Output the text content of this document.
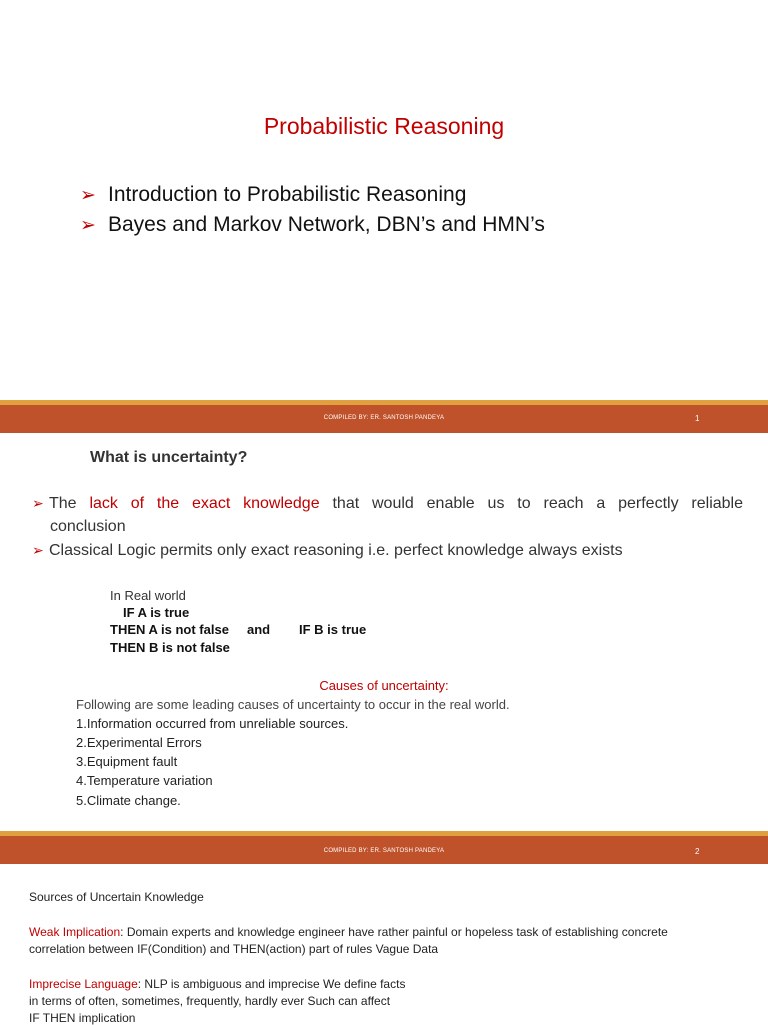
Probabilistic Reasoning
➢ Introduction to Probabilistic Reasoning
➢ Bayes and Markov Network, DBN’s and HMN’s
COMPILED BY: ER. SANTOSH PANDEYA	1
What is uncertainty?
➢ The lack of the exact knowledge that would enable us to reach a perfectly reliable
conclusion
➢ Classical Logic permits only exact reasoning i.e. perfect knowledge always exists
In Real world
IF A is true
THEN A is not false     and        IF B is true
THEN B is not false
Causes of uncertainty:
Following are some leading causes of uncertainty to occur in the real world.
1.Information occurred from unreliable sources.
2.Experimental Errors
3.Equipment fault
4.Temperature variation
5.Climate change.
COMPILED BY: ER. SANTOSH PANDEYA	2
Sources of Uncertain Knowledge
Weak Implication: Domain experts and knowledge engineer have rather painful or hopeless task of establishing concrete
correlation between IF(Condition) and THEN(action) part of rules Vague Data
Imprecise Language: NLP is ambiguous and imprecise We define facts
in terms of often, sometimes, frequently, hardly ever Such can affect
IF THEN implication
